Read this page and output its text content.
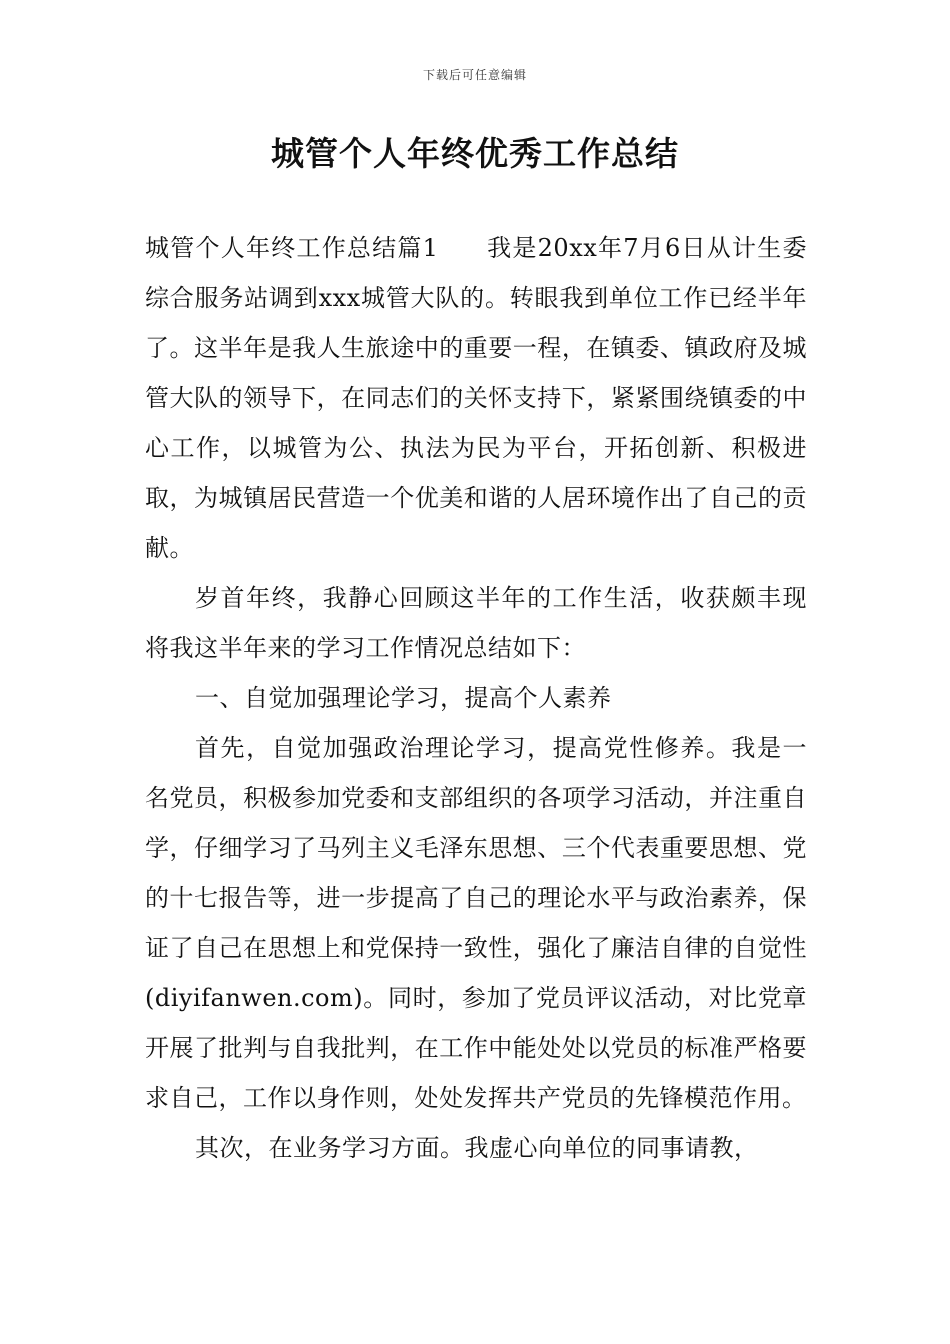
下载后可任意编辑
城管个人年终优秀工作总结

城管个人年终工作总结篇1 我是20xx年7月6日从计生委综合服务站调到xxx城管大队的。转眼我到单位工作已经半年了。这半年是我人生旅途中的重要一程，在镇委、镇政府及城管大队的领导下，在同志们的关怀支持下，紧紧围绕镇委的中心工作，以城管为公、执法为民为平台，开拓创新、积极进取，为城镇居民营造一个优美和谐的人居环境作出了自己的贡献。

岁首年终，我静心回顾这半年的工作生活，收获颇丰现将我这半年来的学习工作情况总结如下：

一、自觉加强理论学习，提高个人素养

首先，自觉加强政治理论学习，提高党性修养。我是一名党员，积极参加党委和支部组织的各项学习活动，并注重自学，仔细学习了马列主义毛泽东思想、三个代表重要思想、党的十七报告等，进一步提高了自己的理论水平与政治素养，保证了自己在思想上和党保持一致性，强化了廉洁自律的自觉性(diyifanwen.com)。同时，参加了党员评议活动，对比党章开展了批判与自我批判，在工作中能处处以党员的标准严格要求自己，工作以身作则，处处发挥共产党员的先锋模范作用。

其次，在业务学习方面。我虚心向单位的同事请教，
